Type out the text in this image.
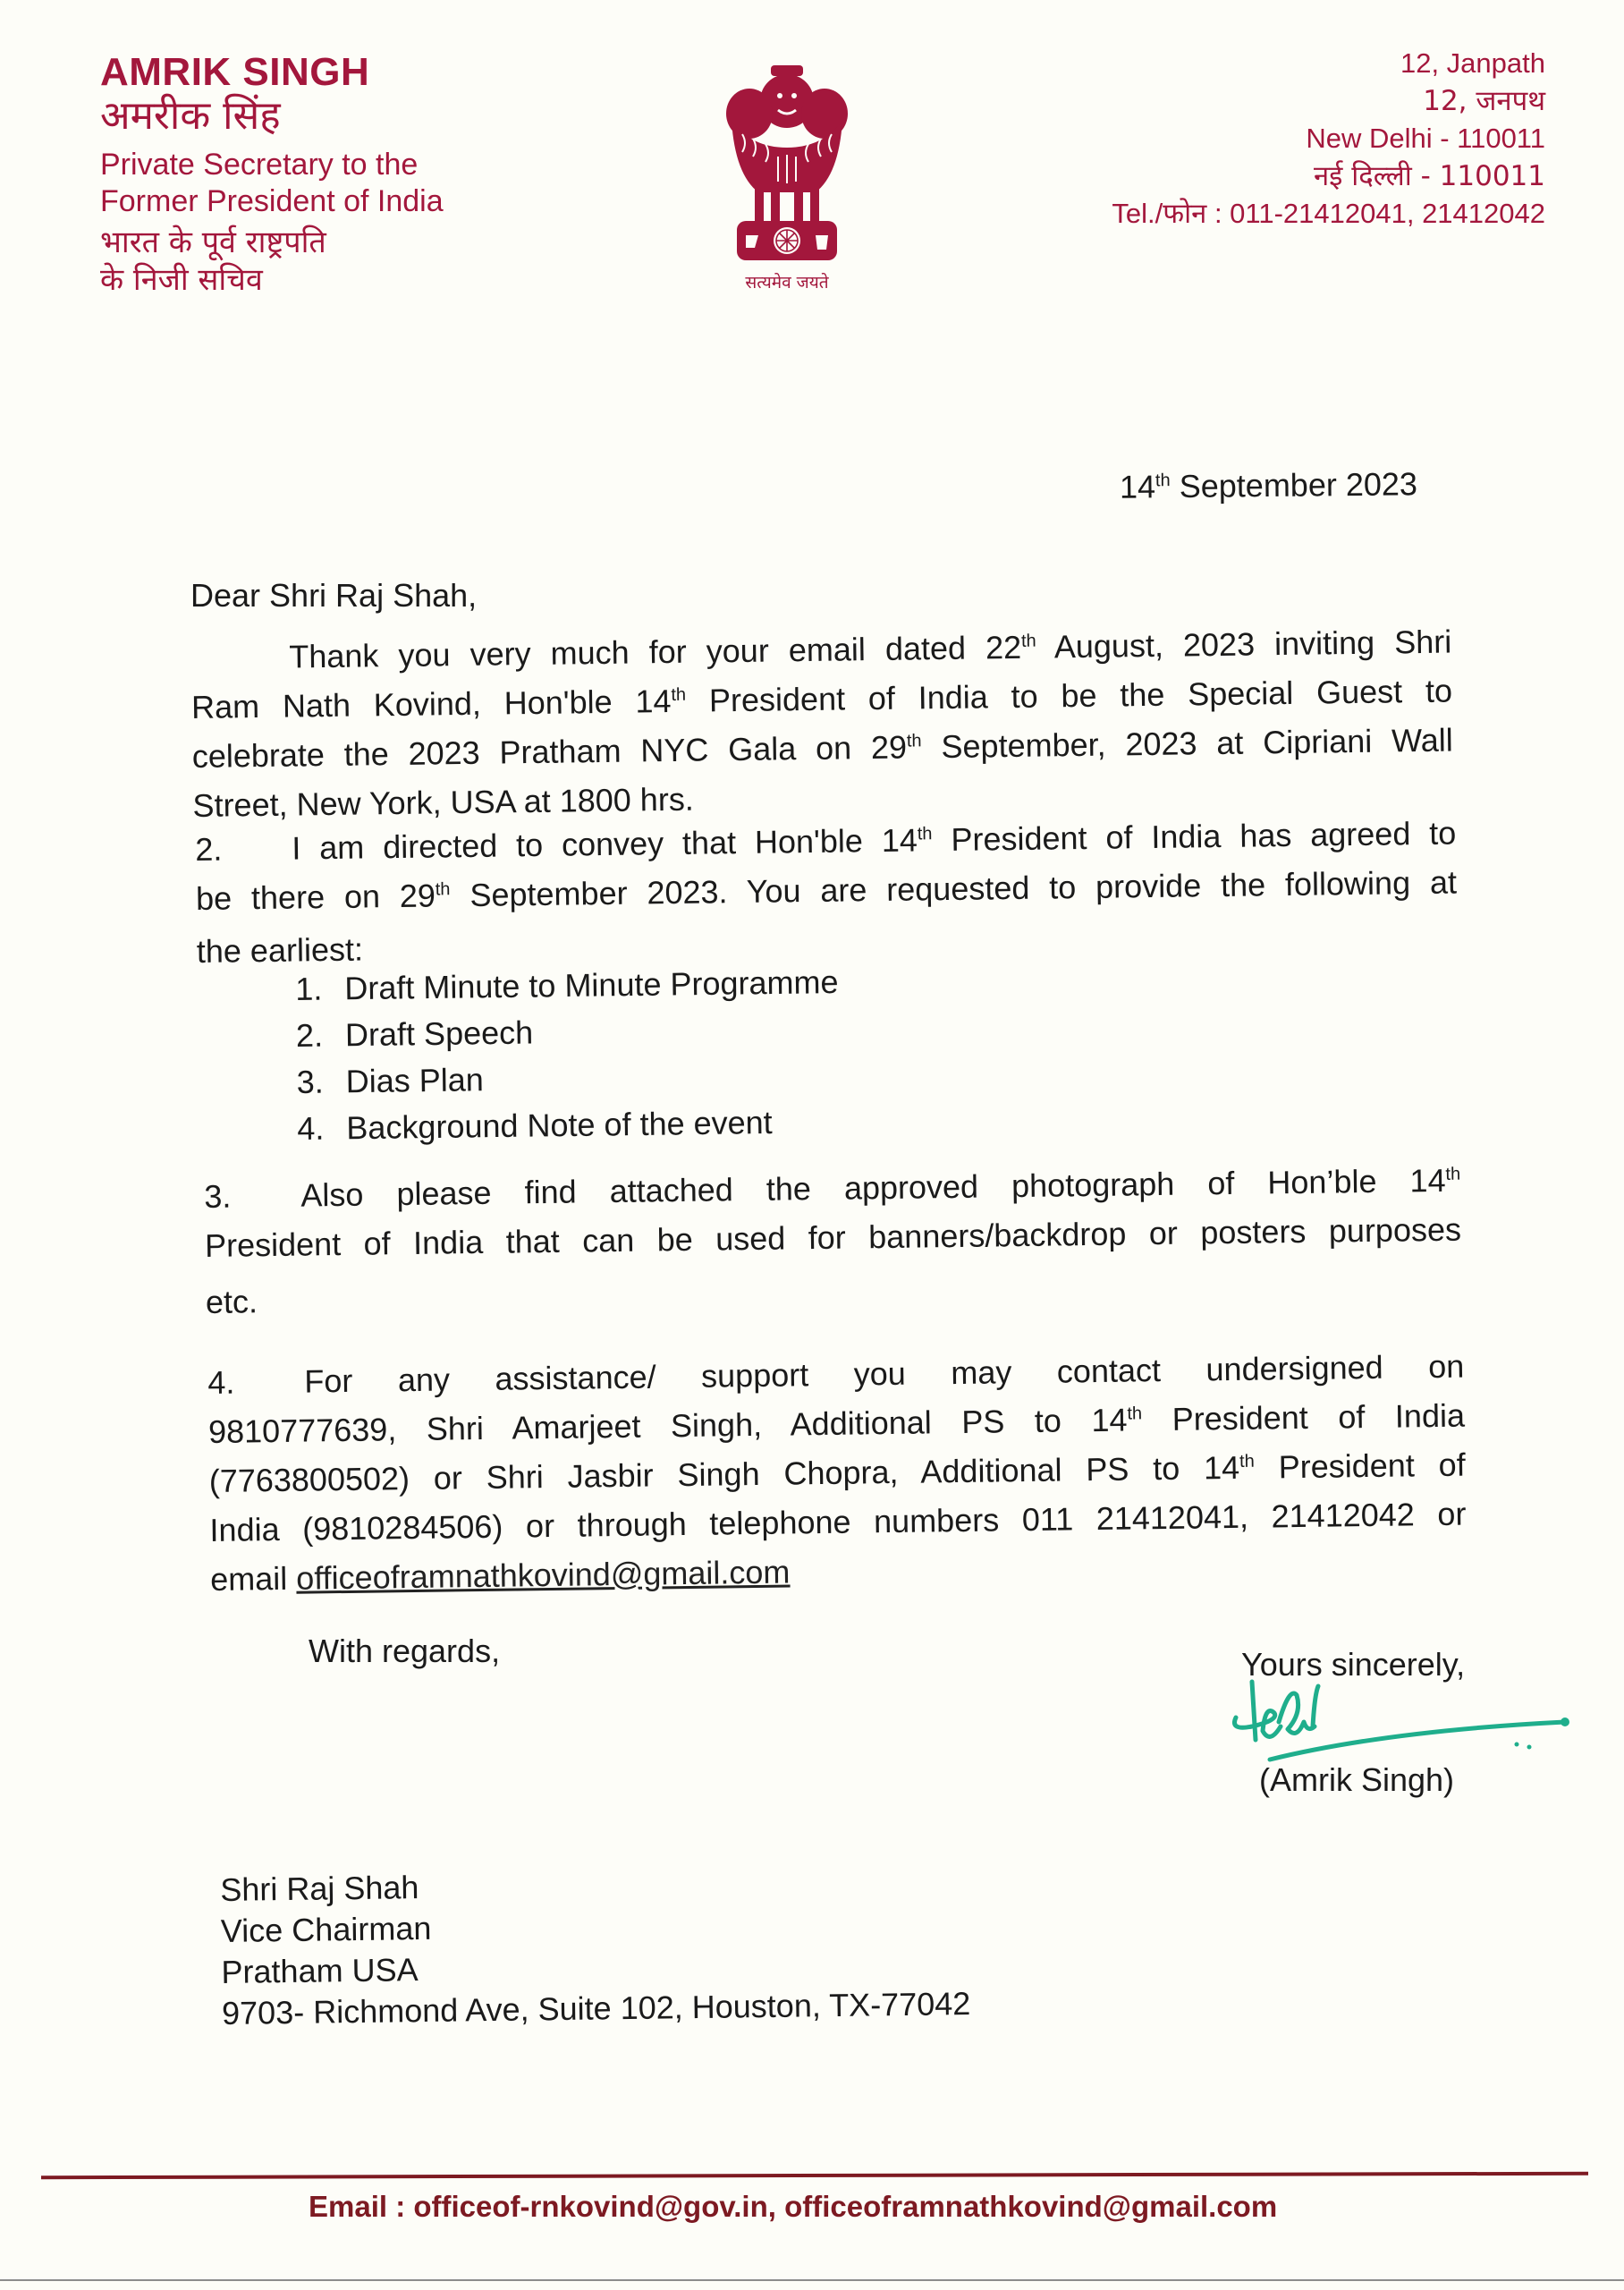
AMRIK SINGH
अमरीक सिंह
Private Secretary to the
Former President of India
भारत के पूर्व राष्ट्रपति
के निजी सचिव	सत्यमेव जयते
12, Janpath
12, जनपथ
New Delhi - 110011
नई दिल्ली - 110011
Tel./फोन : 011-21412041, 21412042
14th September 2023
Dear Shri Raj Shah,
Thank you very much for your email dated 22th August, 2023 inviting Shri
Ram Nath Kovind, Hon'ble 14th President of India to be the Special Guest to
celebrate the 2023 Pratham NYC Gala on 29th September, 2023 at Cipriani Wall
Street, New York, USA at 1800 hrs.
2. I am directed to convey that Hon'ble 14th President of India has agreed to
be there on 29th September 2023. You are requested to provide the following at
the earliest:
1. Draft Minute to Minute Programme
2. Draft Speech
3. Dias Plan
4. Background Note of the event
3. Also please find attached the approved photograph of Hon’ble 14th
President of India that can be used for banners/backdrop or posters purposes
etc.
4. For any assistance/ support you may contact undersigned on
9810777639, Shri Amarjeet Singh, Additional PS to 14th President of India
(7763800502) or Shri Jasbir Singh Chopra, Additional PS to 14th President of
India (9810284506) or through telephone numbers 011 21412041, 21412042 or
email officeoframnathkovind@gmail.com
With regards,	Yours sincerely,
(Amrik Singh)
Shri Raj Shah
Vice Chairman
Pratham USA
9703- Richmond Ave, Suite 102, Houston, TX-77042
Email : officeof-rnkovind@gov.in, officeoframnathkovind@gmail.com
